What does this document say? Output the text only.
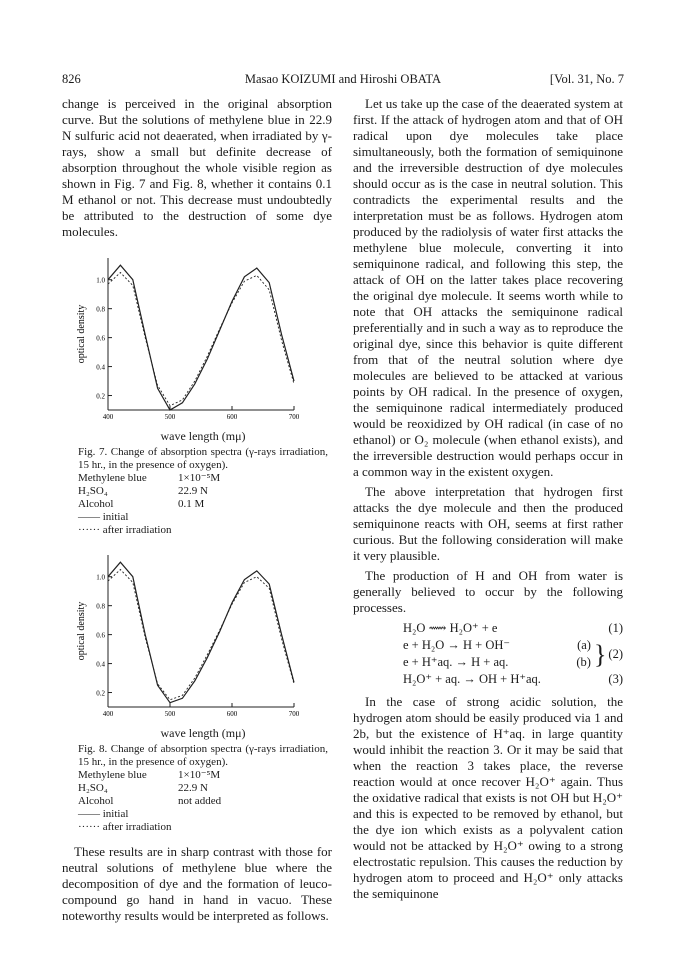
826	Masao KOIZUMI and Hiroshi OBATA	[Vol. 31, No. 7

change is perceived in the original absorption curve. But the solutions of methylene blue in 22.9 N sulfuric acid not deaerated, when irradiated by γ-rays, show a small but definite decrease of absorption throughout the whole visible region as shown in Fig. 7 and Fig. 8, whether it contains 0.1 M ethanol or not. This decrease must undoubtedly be attributed to the destruction of some dye molecules.

0.2
0.4
0.6
0.8
1.0
400	500	600	700
optical density
wave length (mμ)
Fig. 7. Change of absorption spectra (γ-rays irradiation, 15 hr., in the presence of oxygen).
Methylene blue	1×10⁻⁵M
H₂SO₄	22.9 N
Alcohol	0.1 M
—— initial
······ after irradiation
0.2
0.4
0.6
0.8
1.0
400	500	600	700
optical density
wave length (mμ)
Fig. 8. Change of absorption spectra (γ-rays irradiation, 15 hr., in the presence of oxygen).
Methylene blue	1×10⁻⁵M
H₂SO₄	22.9 N
Alcohol	not added
—— initial
······ after irradiation

These results are in sharp contrast with those for neutral solutions of methylene blue where the decomposition of dye and the formation of leuco-compound go hand in hand in vacuo. These noteworthy results would be interpreted as follows.

Let us take up the case of the deaerated system at first. If the attack of hydrogen atom and that of OH radical upon dye molecules take place simultaneously, both the formation of semiquinone and the irreversible destruction of dye molecules should occur as is the case in neutral solution. This contradicts the experimental results and the interpretation must be as follows. Hydrogen atom produced by the radiolysis of water first attacks the methylene blue molecule, converting it into semiquinone radical, and following this step, the attack of OH on the latter takes place recovering the original dye molecule. It seems worth while to note that OH attacks the semiquinone radical preferentially and in such a way as to reproduce the original dye, since this behavior is quite different from that of the neutral solution where dye molecules are believed to be attacked at various points by OH radical. In the presence of oxygen, the semiquinone radical intermediately produced would be reoxidized by OH radical (in case of no ethanol) or O₂ molecule (when ethanol exists), and the irreversible destruction would perhaps occur in a common way in the existent oxygen.

The above interpretation that hydrogen first attacks the dye molecule and then the produced semiquinone reacts with OH, seems at first rather curious. But the following consideration will make it very plausible.

The production of H and OH from water is generally believed to occur by the following processes.

H₂O ⟿ H₂O⁺ + e	(1)
e + H₂O → H + OH⁻	(a)
e + H⁺aq. → H + aq.	(b) } (2)
H₂O⁺ + aq. → OH + H⁺aq.	(3)

In the case of strong acidic solution, the hydrogen atom should be easily produced via 1 and 2b, but the existence of H⁺aq. in large quantity would inhibit the reaction 3. Or it may be said that when the reaction 3 takes place, the reverse reaction would at once recover H₂O⁺ again. Thus the oxidative radical that exists is not OH but H₂O⁺ and this is expected to be removed by ethanol, but the dye ion which exists as a polyvalent cation would not be attacked by H₂O⁺ owing to a strong electrostatic repulsion. This causes the reduction by hydrogen atom to proceed and H₂O⁺ only attacks the semiquinone
